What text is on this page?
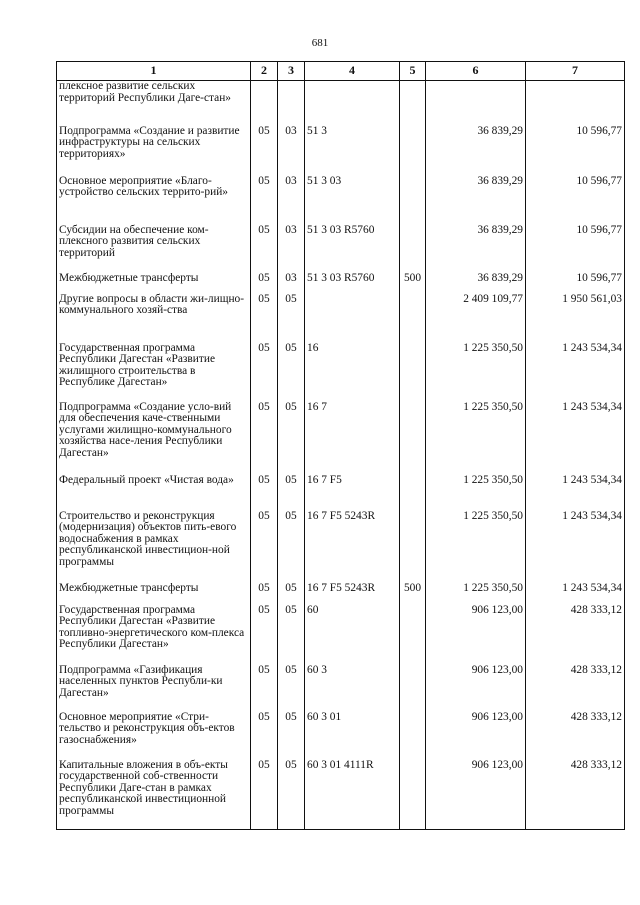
681
1	2	3	4	5	6	7
плексное развитие сельских территорий Республики Даге-стан»						
Подпрограмма «Создание и развитие инфраструктуры на сельских территориях»	05	03	51 3		36 839,29	10 596,77
Основное мероприятие «Благо-устройство сельских террито-рий»	05	03	51 3 03		36 839,29	10 596,77
Субсидии на обеспечение ком-плексного развития сельских территорий	05	03	51 3 03 R5760		36 839,29	10 596,77
Межбюджетные трансферты	05	03	51 3 03 R5760	500	36 839,29	10 596,77
Другие вопросы в области жи-лищно-коммунального хозяй-ства	05	05			2 409 109,77	1 950 561,03
Государственная программа Республики Дагестан «Развитие жилищного строительства в Республике Дагестан»	05	05	16		1 225 350,50	1 243 534,34
Подпрограмма «Создание усло-вий для обеспечения каче-ственными услугами жилищно-коммунального хозяйства насе-ления Республики Дагестан»	05	05	16 7		1 225 350,50	1 243 534,34
Федеральный проект «Чистая вода»	05	05	16 7 F5		1 225 350,50	1 243 534,34
Строительство и реконструкция (модернизация) объектов пить-евого водоснабжения в рамках республиканской инвестицион-ной программы	05	05	16 7 F5 5243R		1 225 350,50	1 243 534,34
Межбюджетные трансферты	05	05	16 7 F5 5243R	500	1 225 350,50	1 243 534,34
Государственная программа Республики Дагестан «Развитие топливно-энергетического ком-плекса Республики Дагестан»	05	05	60		906 123,00	428 333,12
Подпрограмма «Газификация населенных пунктов Республи-ки Дагестан»	05	05	60 3		906 123,00	428 333,12
Основное мероприятие «Стри-тельство и реконструкция объ-ектов газоснабжения»	05	05	60 3 01		906 123,00	428 333,12
Капитальные вложения в объ-екты государственной соб-ственности Республики Даге-стан в рамках республиканской инвестиционной программы	05	05	60 3 01 4111R		906 123,00	428 333,12
